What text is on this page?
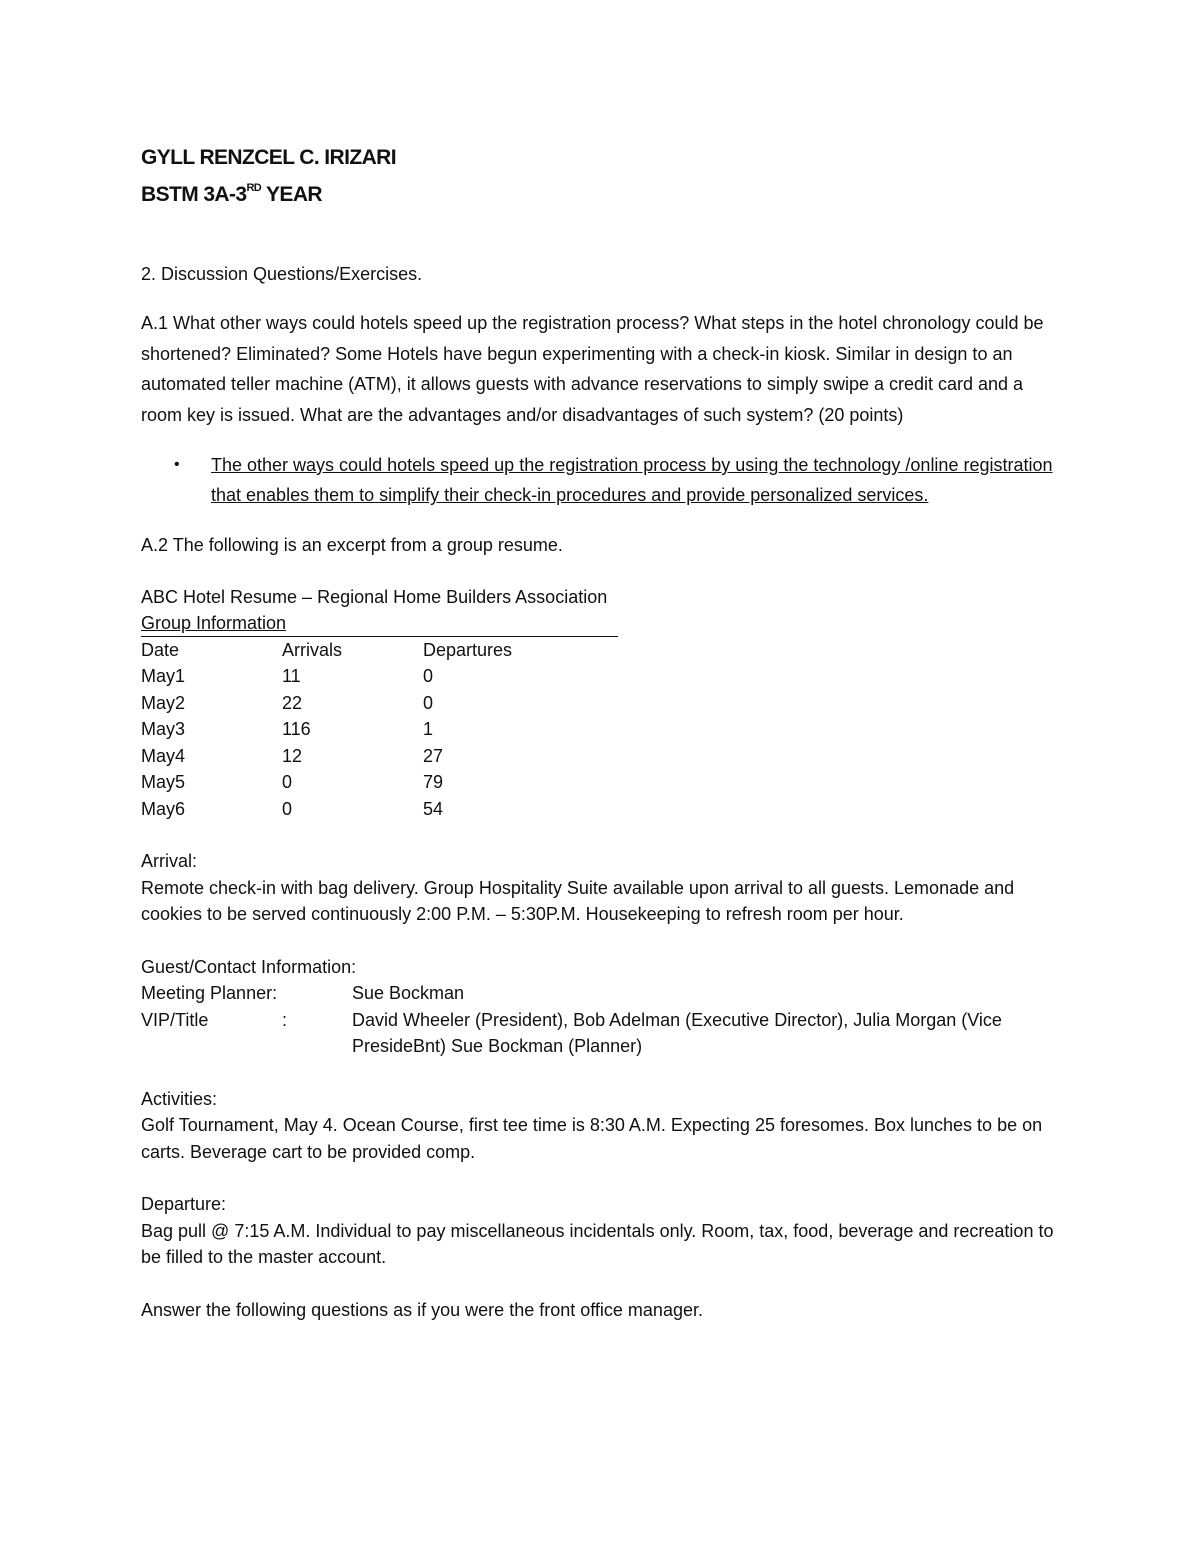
GYLL RENZCEL C. IRIZARI
BSTM 3A-3RD YEAR

2. Discussion Questions/Exercises.

A.1 What other ways could hotels speed up the registration process? What steps in the hotel chronology could be shortened? Eliminated? Some Hotels have begun experimenting with a check-in kiosk. Similar in design to an automated teller machine (ATM), it allows guests with advance reservations to simply swipe a credit card and a room key is issued. What are the advantages and/or disadvantages of such system? (20 points)

• The other ways could hotels speed up the registration process by using the technology /online registration that enables them to simplify their check-in procedures and provide personalized services.

A.2 The following is an excerpt from a group resume.

ABC Hotel Resume – Regional Home Builders Association

Group Information
Date	Arrivals	Departures
May1	11	0
May2	22	0
May3	116	1
May4	12	27
May5	0	79
May6	0	54

Arrival:

Remote check-in with bag delivery. Group Hospitality Suite available upon arrival to all guests. Lemonade and cookies to be served continuously 2:00 P.M. – 5:30P.M. Housekeeping to refresh room per hour.

Guest/Contact Information:

Meeting Planner:	Sue Bockman
VIP/Title	:	David Wheeler (President), Bob Adelman (Executive Director), Julia Morgan (Vice PresideBnt) Sue Bockman (Planner)

Activities:

Golf Tournament, May 4. Ocean Course, first tee time is 8:30 A.M. Expecting 25 foresomes. Box lunches to be on carts. Beverage cart to be provided comp.

Departure:

Bag pull @ 7:15 A.M. Individual to pay miscellaneous incidentals only. Room, tax, food, beverage and recreation to be filled to the master account.

Answer the following questions as if you were the front office manager.
